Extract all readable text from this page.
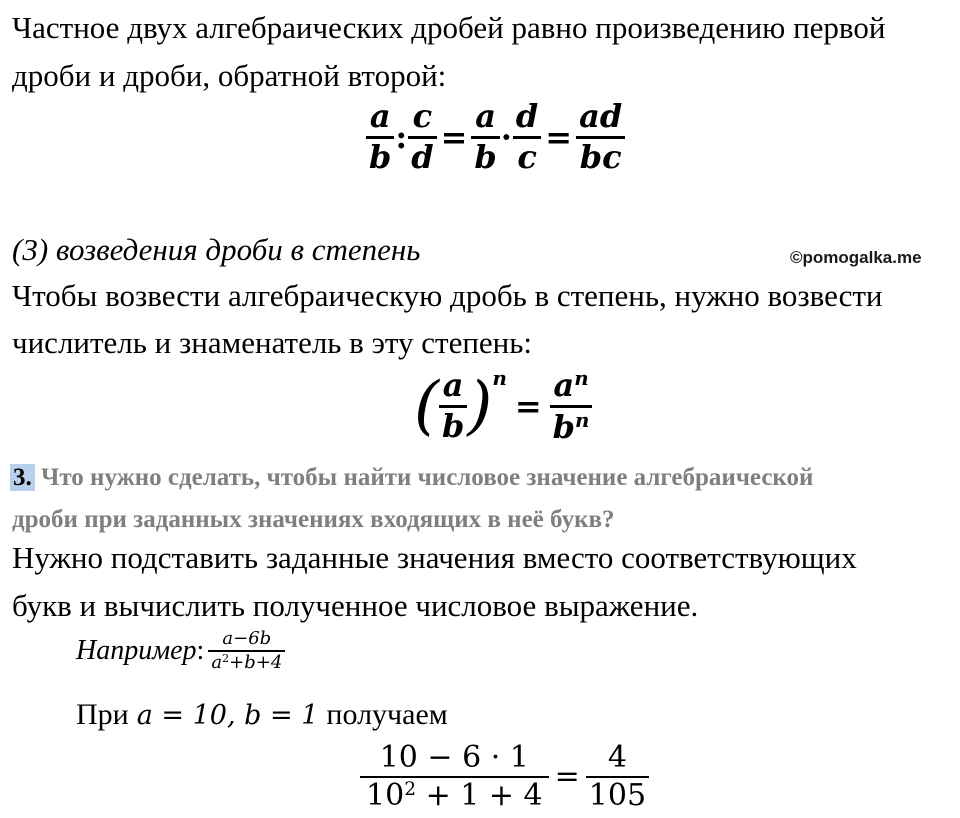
Частное двух алгебраических дробей равно произведению первой
дроби и дроби, обратной второй:
$\frac{a}{b}$ : $\frac{c}{d} = \frac{a}{b} \cdot \frac{d}{c} = \frac{ad}{bc}$
(3) возведения дроби в степень	©pomogalka.me
Чтобы возвести алгебраическую дробь в степень, нужно возвести
числитель и знаменатель в эту степень:
( $\frac{a}{b}$ ) n
= $\frac{a^n}{b^n}$
3. Что нужно сделать, чтобы найти числовое значение алгебраической
дроби при заданных значениях входящих в неё букв?
Нужно подставить заданные значения вместо соответствующих
букв и вычислить полученное числовое выражение.
Например : $\frac{a-6b}{a^2+b+4}$
При a = 10, b = 1 получаем
$\frac{10 - 6 \cdot 1}{10^2 + 1 + 4} = \frac{4}{105}$
